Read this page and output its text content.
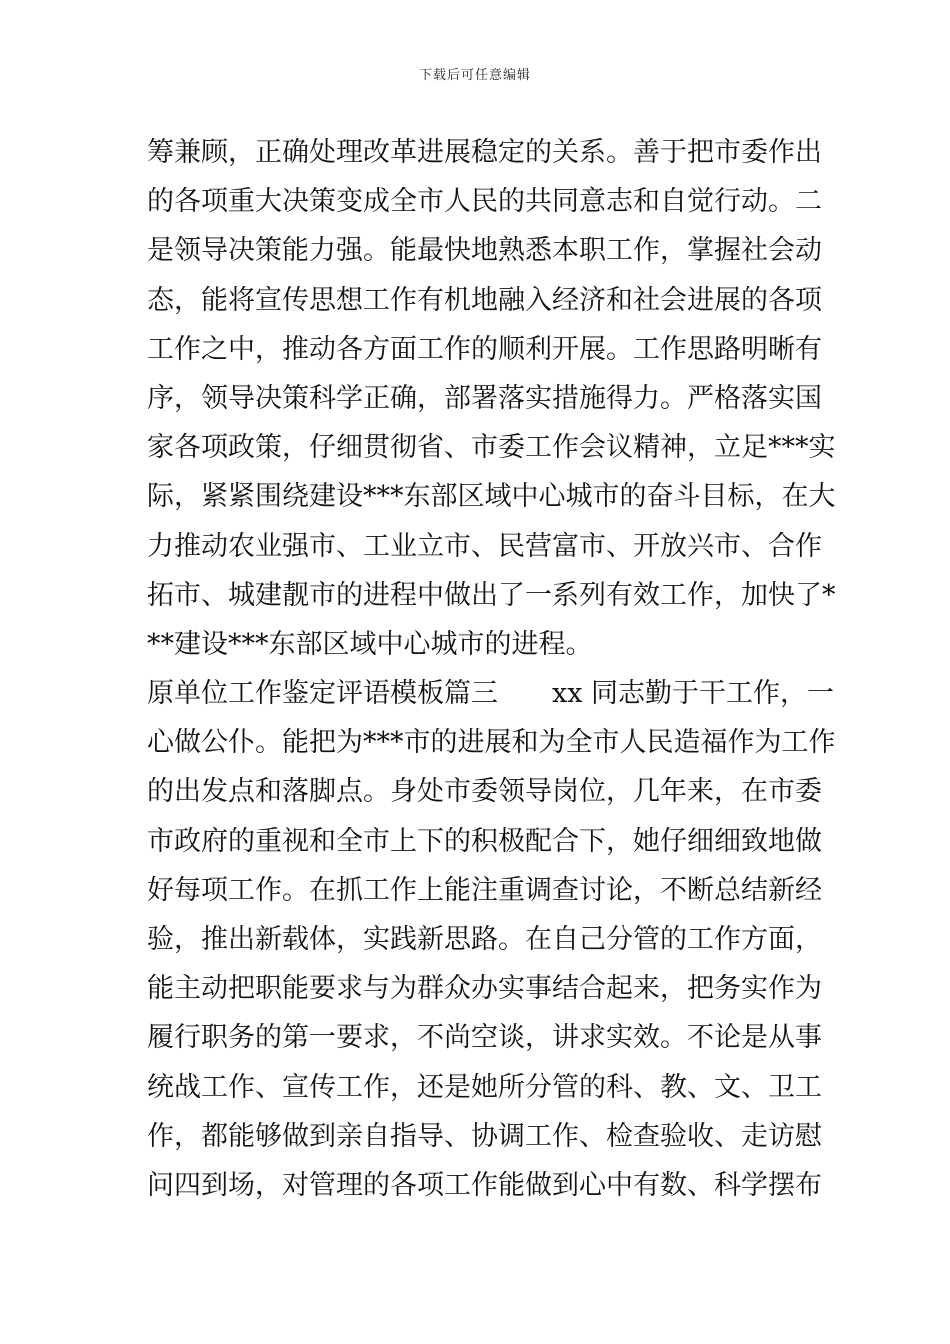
下载后可任意编辑
筹兼顾，正确处理改革进展稳定的关系。善于把市委作出
的各项重大决策变成全市人民的共同意志和自觉行动。二
是领导决策能力强。能最快地熟悉本职工作，掌握社会动
态，能将宣传思想工作有机地融入经济和社会进展的各项
工作之中，推动各方面工作的顺利开展。工作思路明晰有
序，领导决策科学正确，部署落实措施得力。严格落实国
家各项政策，仔细贯彻省、市委工作会议精神，立足***实
际，紧紧围绕建设***东部区域中心城市的奋斗目标，在大
力推动农业强市、工业立市、民营富市、开放兴市、合作
拓市、城建靓市的进程中做出了一系列有效工作，加快了*
**建设***东部区域中心城市的进程。
原单位工作鉴定评语模板篇三　　xx 同志勤于干工作，一
心做公仆。能把为***市的进展和为全市人民造福作为工作
的出发点和落脚点。身处市委领导岗位，几年来，在市委
市政府的重视和全市上下的积极配合下，她仔细细致地做
好每项工作。在抓工作上能注重调查讨论，不断总结新经
验，推出新载体，实践新思路。在自己分管的工作方面，
能主动把职能要求与为群众办实事结合起来，把务实作为
履行职务的第一要求，不尚空谈，讲求实效。不论是从事
统战工作、宣传工作，还是她所分管的科、教、文、卫工
作，都能够做到亲自指导、协调工作、检查验收、走访慰
问四到场，对管理的各项工作能做到心中有数、科学摆布
